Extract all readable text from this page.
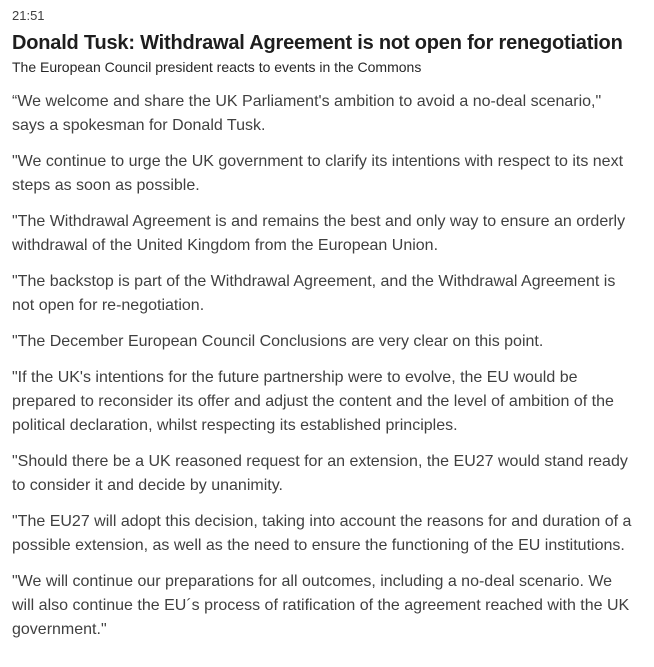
21:51
Donald Tusk: Withdrawal Agreement is not open for renegotiation
The European Council president reacts to events in the Commons

“We welcome and share the UK Parliament's ambition to avoid a no-deal scenario," says a spokesman for Donald Tusk.

"We continue to urge the UK government to clarify its intentions with respect to its next steps as soon as possible.

"The Withdrawal Agreement is and remains the best and only way to ensure an orderly withdrawal of the United Kingdom from the European Union.

"The backstop is part of the Withdrawal Agreement, and the Withdrawal Agreement is not open for re-negotiation.

"The December European Council Conclusions are very clear on this point.

"If the UK's intentions for the future partnership were to evolve, the EU would be prepared to reconsider its offer and adjust the content and the level of ambition of the political declaration, whilst respecting its established principles.

"Should there be a UK reasoned request for an extension, the EU27 would stand ready to consider it and decide by unanimity.

"The EU27 will adopt this decision, taking into account the reasons for and duration of a possible extension, as well as the need to ensure the functioning of the EU institutions.

"We will continue our preparations for all outcomes, including a no-deal scenario. We will also continue the EU´s process of ratification of the agreement reached with the UK government."
